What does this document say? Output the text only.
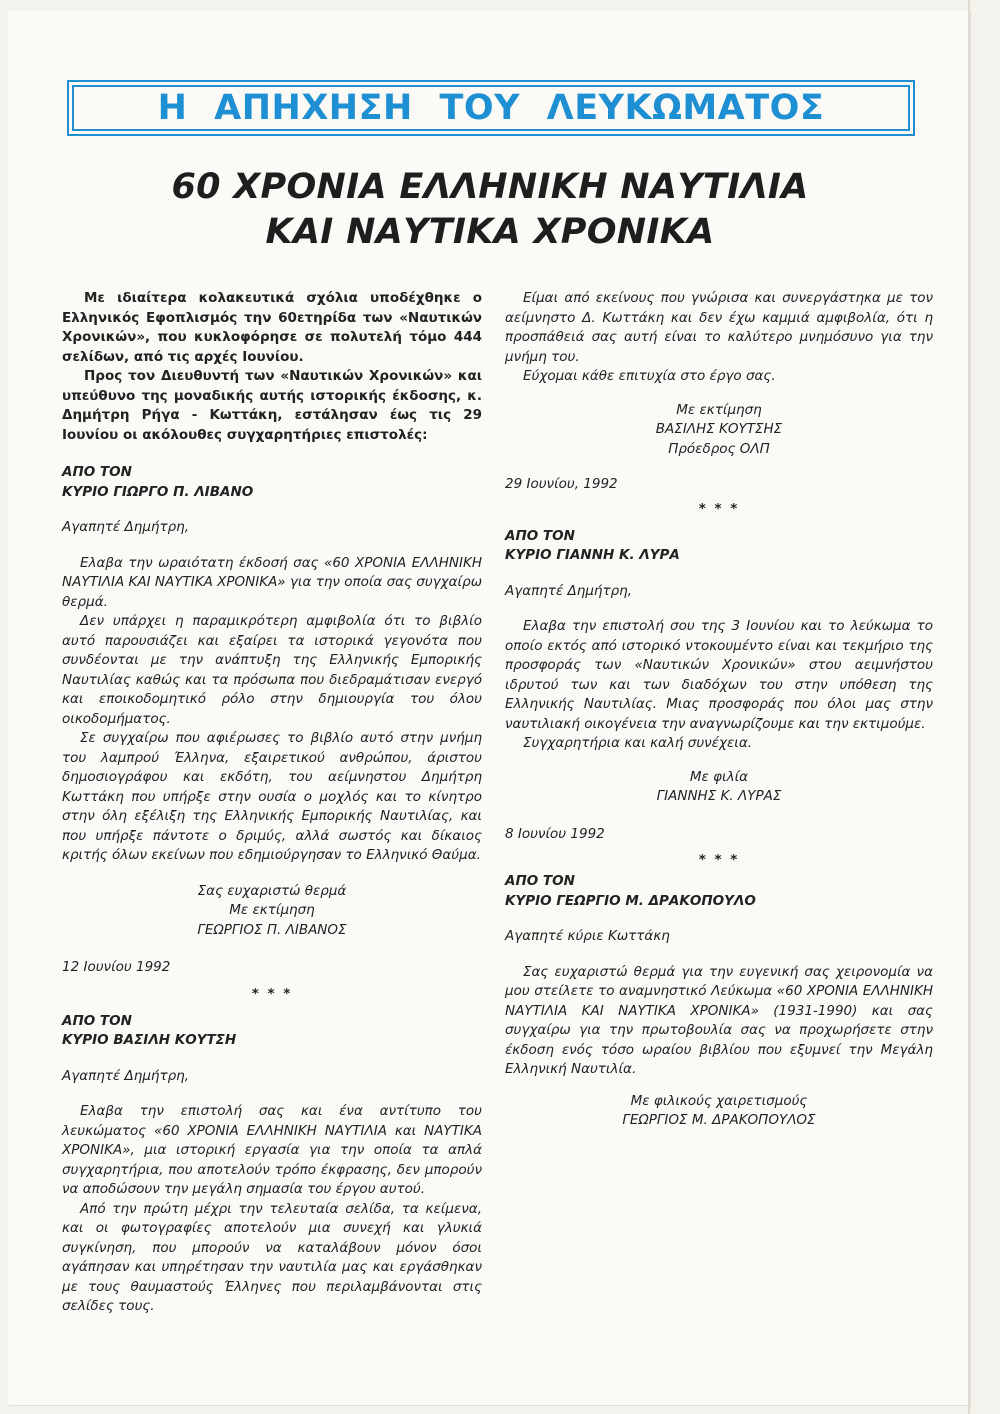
Η ΑΠΗΧΗΣΗ ΤΟΥ ΛΕΥΚΩΜΑΤΟΣ
60 ΧΡΟΝΙΑ ΕΛΛΗΝΙΚΗ ΝΑΥΤΙΛΙΑ
ΚΑΙ ΝΑΥΤΙΚΑ ΧΡΟΝΙΚΑ

Με ιδιαίτερα κολακευτικά σχόλια υποδέχθηκε ο Ελληνικός Εφοπλισμός την 60ετηρίδα των «Ναυτικών Χρονικών», που κυκλοφόρησε σε πολυτελή τόμο 444 σελίδων, από τις αρχές Ιουνίου.

Προς τον Διευθυντή των «Ναυτικών Χρονικών» και υπεύθυνο της μοναδικής αυτής ιστορικής έκδοσης, κ. Δημήτρη Ρήγα - Κωττάκη, εστάλησαν έως τις 29 Ιουνίου οι ακόλουθες συγχαρητήριες επιστολές:

ΑΠΟ ΤΟΝ

ΚΥΡΙΟ ΓΙΩΡΓΟ Π. ΛΙΒΑΝΟ

Αγαπητέ Δημήτρη,

Ελαβα την ωραιότατη έκδοσή σας «60 ΧΡΟΝΙΑ ΕΛΛΗΝΙΚΗ ΝΑΥΤΙΛΙΑ ΚΑΙ ΝΑΥΤΙΚΑ ΧΡΟΝΙΚΑ» για την οποία σας συγχαίρω θερμά.

Δεν υπάρχει η παραμικρότερη αμφιβολία ότι το βιβλίο αυτό παρουσιάζει και εξαίρει τα ιστορικά γεγονότα που συνδέονται με την ανάπτυξη της Ελληνικής Εμπορικής Ναυτιλίας καθώς και τα πρόσωπα που διεδραμάτισαν ενεργό και εποικοδομητικό ρόλο στην δημιουργία του όλου οικοδομήματος.

Σε συγχαίρω που αφιέρωσες το βιβλίο αυτό στην μνήμη του λαμπρού Έλληνα, εξαιρετικού ανθρώπου, άριστου δημοσιογράφου και εκδότη, του αείμνηστου Δημήτρη Κωττάκη που υπήρξε στην ουσία ο μοχλός και το κίνητρο στην όλη εξέλιξη της Ελληνικής Εμπορικής Ναυτιλίας, και που υπήρξε πάντοτε ο δριμύς, αλλά σωστός και δίκαιος κριτής όλων εκείνων που εδημιούργησαν το Ελληνικό Θαύμα.

Σας ευχαριστώ θερμά

Με εκτίμηση

ΓΕΩΡΓΙΟΣ Π. ΛΙΒΑΝΟΣ

12 Ιουνίου 1992

* * *

ΑΠΟ ΤΟΝ

ΚΥΡΙΟ ΒΑΣΙΛΗ ΚΟΥΤΣΗ

Αγαπητέ Δημήτρη,

Ελαβα την επιστολή σας και ένα αντίτυπο του λευκώματος «60 ΧΡΟΝΙΑ ΕΛΛΗΝΙΚΗ ΝΑΥΤΙΛΙΑ και ΝΑΥΤΙΚΑ ΧΡΟΝΙΚΑ», μια ιστορική εργασία για την οποία τα απλά συγχαρητήρια, που αποτελούν τρόπο έκφρασης, δεν μπορούν να αποδώσουν την μεγάλη σημασία του έργου αυτού.

Από την πρώτη μέχρι την τελευταία σελίδα, τα κείμενα, και οι φωτογραφίες αποτελούν μια συνεχή και γλυκιά συγκίνηση, που μπορούν να καταλάβουν μόνον όσοι αγάπησαν και υπηρέτησαν την ναυτιλία μας και εργάσθηκαν με τους θαυμαστούς Έλληνες που περιλαμβάνονται στις σελίδες τους.

Είμαι από εκείνους που γνώρισα και συνεργάστηκα με τον αείμνηστο Δ. Κωττάκη και δεν έχω καμμιά αμφιβολία, ότι η προσπάθειά σας αυτή είναι το καλύτερο μνημόσυνο για την μνήμη του.

Εύχομαι κάθε επιτυχία στο έργο σας.

Με εκτίμηση

ΒΑΣΙΛΗΣ ΚΟΥΤΣΗΣ

Πρόεδρος ΟΛΠ

29 Ιουνίου, 1992

* * *

ΑΠΟ ΤΟΝ

ΚΥΡΙΟ ΓΙΑΝΝΗ Κ. ΛΥΡΑ

Αγαπητέ Δημήτρη,

Ελαβα την επιστολή σου της 3 Ιουνίου και το λεύκωμα το οποίο εκτός από ιστορικό ντοκουμέντο είναι και τεκμήριο της προσφοράς των «Ναυτικών Χρονικών» στου αειμνήστου ιδρυτού των και των διαδόχων του στην υπόθεση της Ελληνικής Ναυτιλίας. Μιας προσφοράς που όλοι μας στην ναυτιλιακή οικογένεια την αναγνωρίζουμε και την εκτιμούμε.

Συγχαρητήρια και καλή συνέχεια.

Με φιλία

ΓΙΑΝΝΗΣ Κ. ΛΥΡΑΣ

8 Ιουνίου 1992

* * *

ΑΠΟ ΤΟΝ

ΚΥΡΙΟ ΓΕΩΡΓΙΟ Μ. ΔΡΑΚΟΠΟΥΛΟ

Αγαπητέ κύριε Κωττάκη

Σας ευχαριστώ θερμά για την ευγενική σας χειρονομία να μου στείλετε το αναμνηστικό Λεύκωμα «60 ΧΡΟΝΙΑ ΕΛΛΗΝΙΚΗ ΝΑΥΤΙΛΙΑ ΚΑΙ ΝΑΥΤΙΚΑ ΧΡΟΝΙΚΑ» (1931-1990) και σας συγχαίρω για την πρωτοβουλία σας να προχωρήσετε στην έκδοση ενός τόσο ωραίου βιβλίου που εξυμνεί την Μεγάλη Ελληνική Ναυτιλία.

Με φιλικούς χαιρετισμούς

ΓΕΩΡΓΙΟΣ Μ. ΔΡΑΚΟΠΟΥΛΟΣ
